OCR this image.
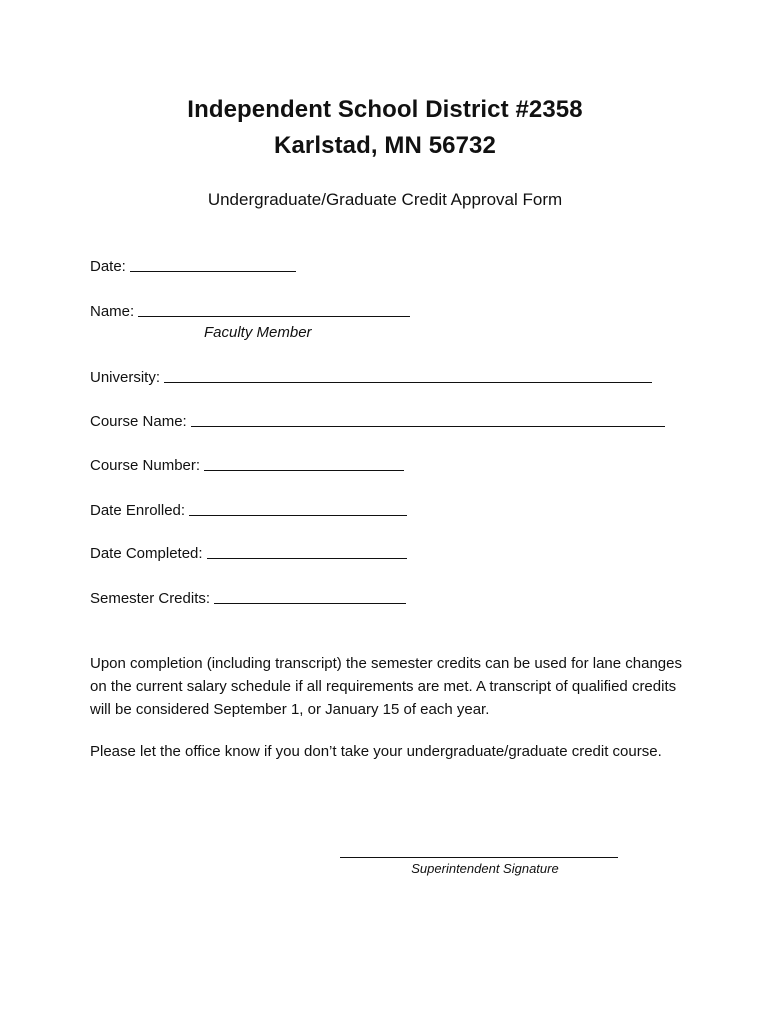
Independent School District #2358
Karlstad, MN 56732
Undergraduate/Graduate Credit Approval Form
Date:
Name:
Faculty Member
University:
Course Name:
Course Number:
Date Enrolled:
Date Completed:
Semester Credits:
Upon completion (including transcript) the semester credits can be used for lane changes on the current salary schedule if all requirements are met. A transcript of qualified credits will be considered September 1, or January 15 of each year.
Please let the office know if you don’t take your undergraduate/graduate credit course.
Superintendent Signature
